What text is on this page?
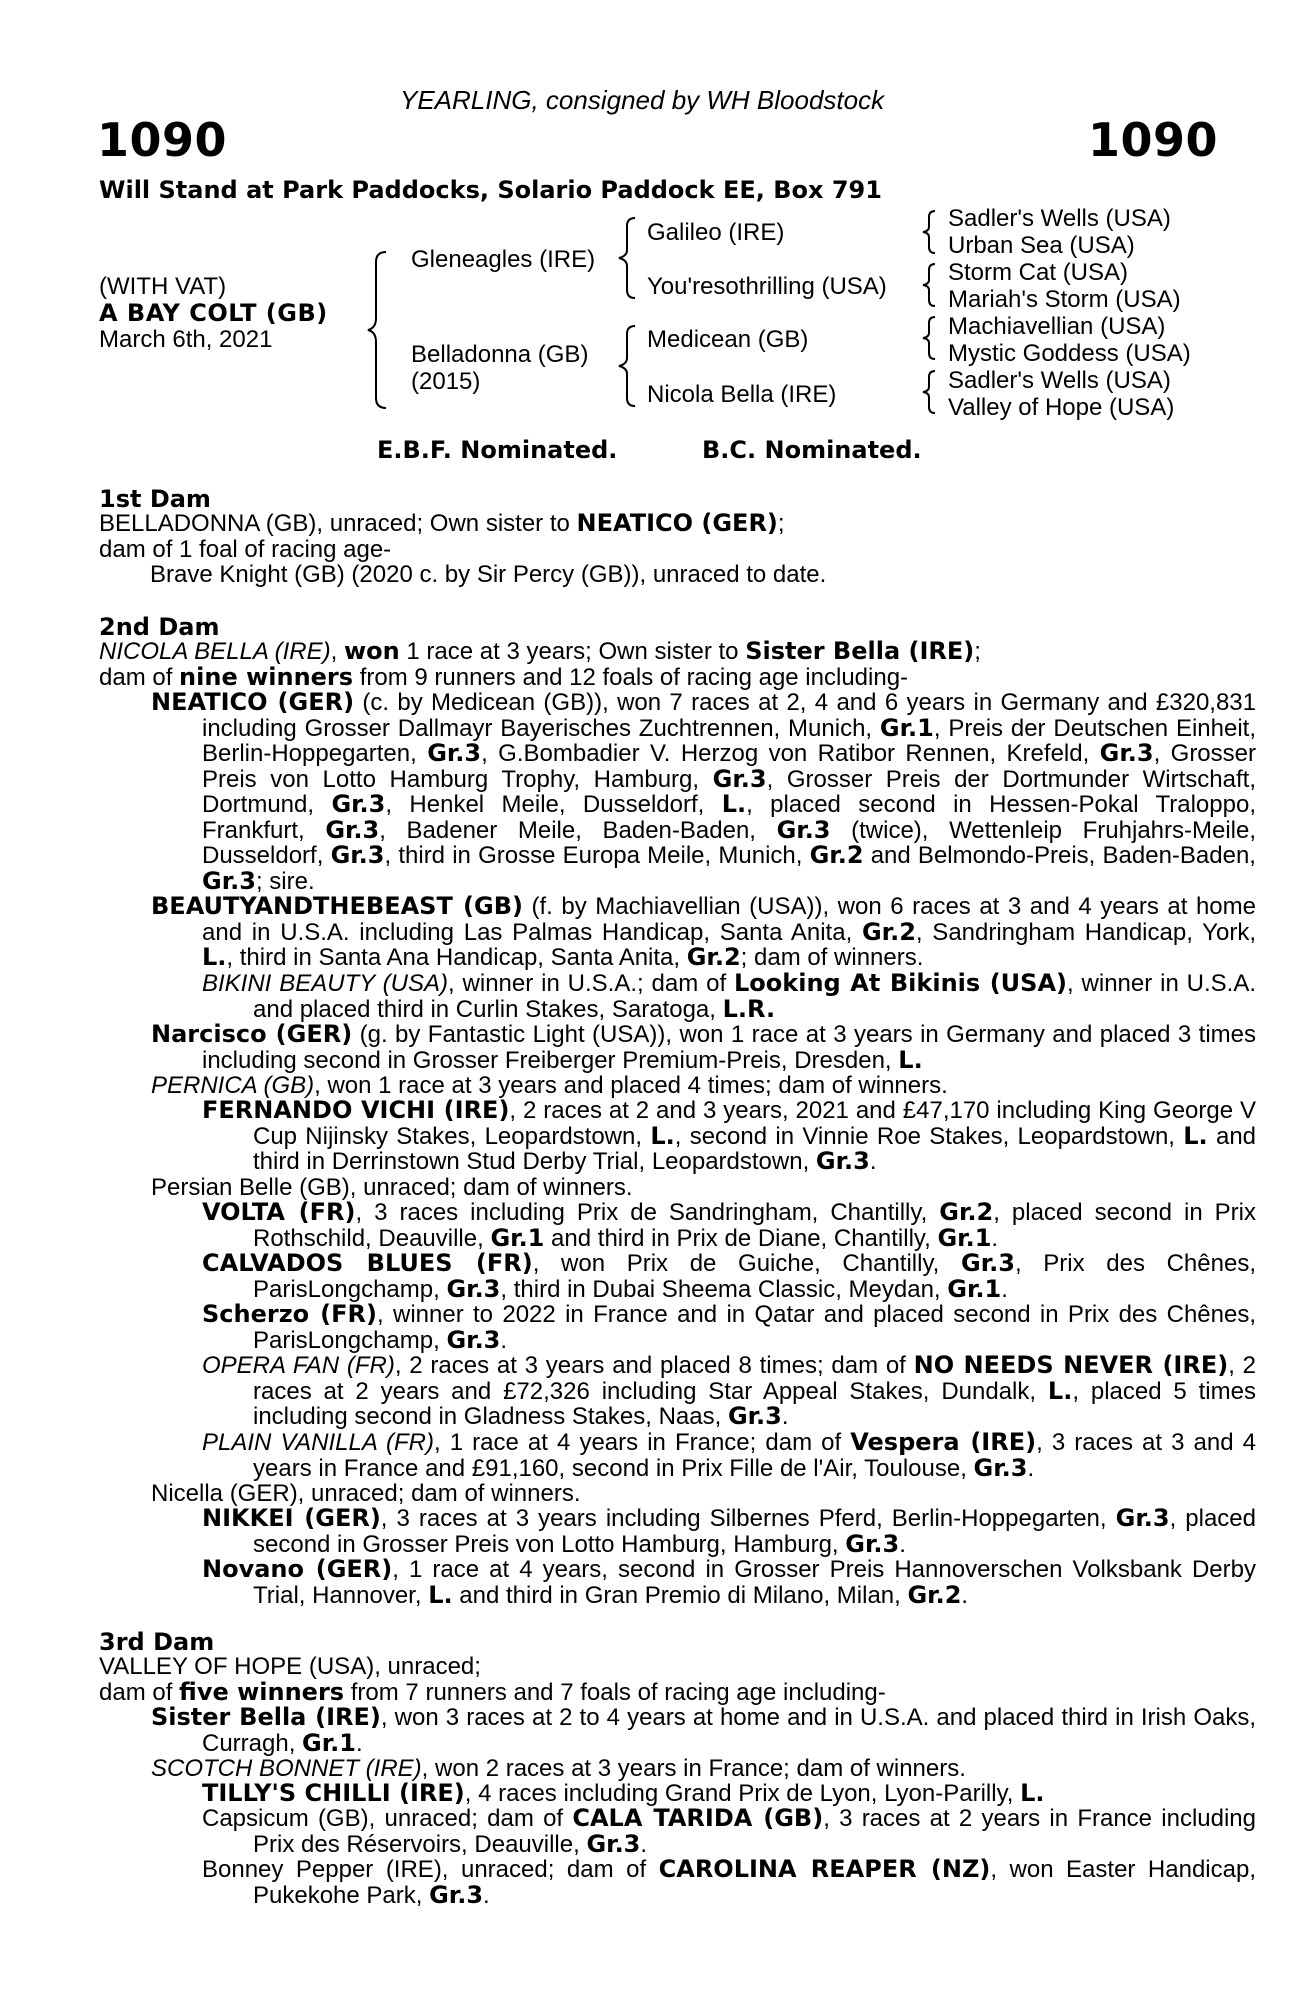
YEARLING, consigned by WH Bloodstock
1090	1090
Will Stand at Park Paddocks, Solario Paddock EE, Box 791
(WITH VAT)
A BAY COLT (GB)
March 6th, 2021
Gleneagles (IRE)
Belladonna (GB)
(2015)
Galileo (IRE)
You'resothrilling (USA)
Medicean (GB)
Nicola Bella (IRE)
Sadler's Wells (USA)
Urban Sea (USA)
Storm Cat (USA)
Mariah's Storm (USA)
Machiavellian (USA)
Mystic Goddess (USA)
Sadler's Wells (USA)
Valley of Hope (USA)
E.B.F. Nominated.	B.C. Nominated.
1st Dam
BELLADONNA (GB), unraced; Own sister to NEATICO (GER);
dam of 1 foal of racing age-
Brave Knight (GB) (2020 c. by Sir Percy (GB)), unraced to date.
2nd Dam
NICOLA BELLA (IRE), won 1 race at 3 years; Own sister to Sister Bella (IRE);
dam of nine winners from 9 runners and 12 foals of racing age including-
NEATICO (GER) (c. by Medicean (GB)), won 7 races at 2, 4 and 6 years in Germany and £320,831 including Grosser Dallmayr Bayerisches Zuchtrennen, Munich, Gr.1, Preis der Deutschen Einheit, Berlin-Hoppegarten, Gr.3, G.Bombadier V. Herzog von Ratibor Rennen, Krefeld, Gr.3, Grosser Preis von Lotto Hamburg Trophy, Hamburg, Gr.3, Grosser Preis der Dortmunder Wirtschaft, Dortmund, Gr.3, Henkel Meile, Dusseldorf, L., placed second in Hessen-Pokal Traloppo, Frankfurt, Gr.3, Badener Meile, Baden-Baden, Gr.3 (twice), Wettenleip Fruhjahrs-Meile, Dusseldorf, Gr.3, third in Grosse Europa Meile, Munich, Gr.2 and Belmondo-Preis, Baden-Baden, Gr.3; sire.
BEAUTYANDTHEBEAST (GB) (f. by Machiavellian (USA)), won 6 races at 3 and 4 years at home and in U.S.A. including Las Palmas Handicap, Santa Anita, Gr.2, Sandringham Handicap, York, L., third in Santa Ana Handicap, Santa Anita, Gr.2; dam of winners.
BIKINI BEAUTY (USA), winner in U.S.A.; dam of Looking At Bikinis (USA), winner in U.S.A. and placed third in Curlin Stakes, Saratoga, L.R.
Narcisco (GER) (g. by Fantastic Light (USA)), won 1 race at 3 years in Germany and placed 3 times including second in Grosser Freiberger Premium-Preis, Dresden, L.
PERNICA (GB), won 1 race at 3 years and placed 4 times; dam of winners.
FERNANDO VICHI (IRE), 2 races at 2 and 3 years, 2021 and £47,170 including King George V Cup Nijinsky Stakes, Leopardstown, L., second in Vinnie Roe Stakes, Leopardstown, L. and third in Derrinstown Stud Derby Trial, Leopardstown, Gr.3.
Persian Belle (GB), unraced; dam of winners.
VOLTA (FR), 3 races including Prix de Sandringham, Chantilly, Gr.2, placed second in Prix Rothschild, Deauville, Gr.1 and third in Prix de Diane, Chantilly, Gr.1.
CALVADOS BLUES (FR), won Prix de Guiche, Chantilly, Gr.3, Prix des Chênes, ParisLongchamp, Gr.3, third in Dubai Sheema Classic, Meydan, Gr.1.
Scherzo (FR), winner to 2022 in France and in Qatar and placed second in Prix des Chênes, ParisLongchamp, Gr.3.
OPERA FAN (FR), 2 races at 3 years and placed 8 times; dam of NO NEEDS NEVER (IRE), 2 races at 2 years and £72,326 including Star Appeal Stakes, Dundalk, L., placed 5 times including second in Gladness Stakes, Naas, Gr.3.
PLAIN VANILLA (FR), 1 race at 4 years in France; dam of Vespera (IRE), 3 races at 3 and 4 years in France and £91,160, second in Prix Fille de l'Air, Toulouse, Gr.3.
Nicella (GER), unraced; dam of winners.
NIKKEI (GER), 3 races at 3 years including Silbernes Pferd, Berlin-Hoppegarten, Gr.3, placed second in Grosser Preis von Lotto Hamburg, Hamburg, Gr.3.
Novano (GER), 1 race at 4 years, second in Grosser Preis Hannoverschen Volksbank Derby Trial, Hannover, L. and third in Gran Premio di Milano, Milan, Gr.2.
3rd Dam
VALLEY OF HOPE (USA), unraced;
dam of five winners from 7 runners and 7 foals of racing age including-
Sister Bella (IRE), won 3 races at 2 to 4 years at home and in U.S.A. and placed third in Irish Oaks, Curragh, Gr.1.
SCOTCH BONNET (IRE), won 2 races at 3 years in France; dam of winners.
TILLY'S CHILLI (IRE), 4 races including Grand Prix de Lyon, Lyon-Parilly, L.
Capsicum (GB), unraced; dam of CALA TARIDA (GB), 3 races at 2 years in France including Prix des Réservoirs, Deauville, Gr.3.
Bonney Pepper (IRE), unraced; dam of CAROLINA REAPER (NZ), won Easter Handicap, Pukekohe Park, Gr.3.
